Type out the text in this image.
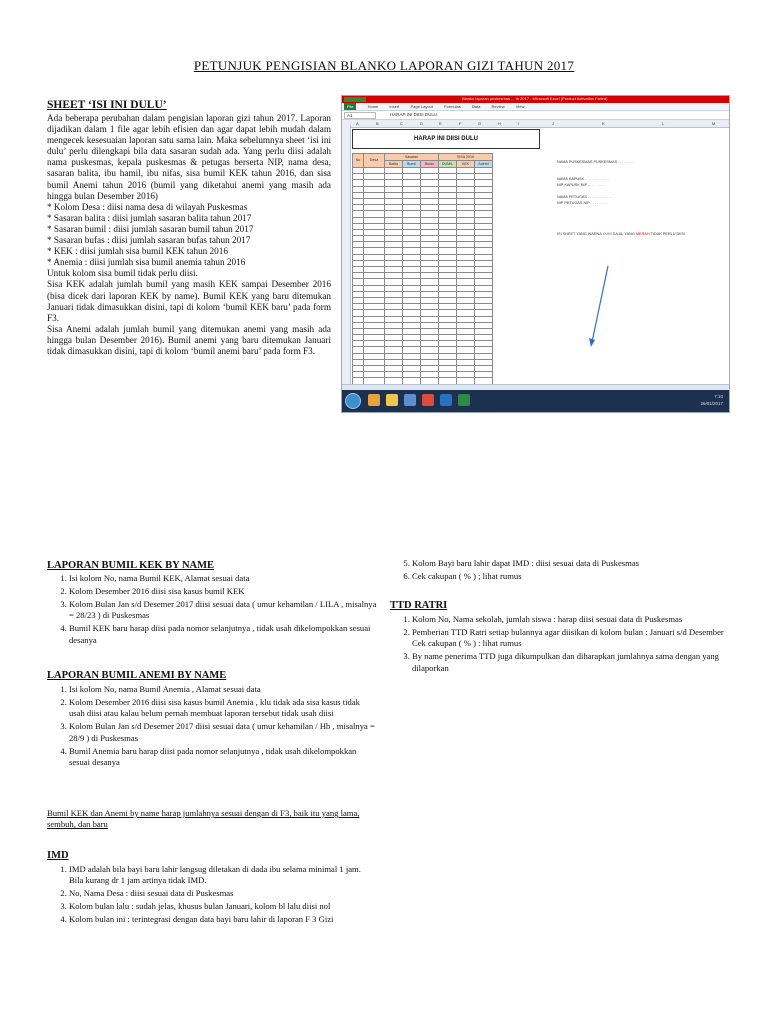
PETUNJUK PENGISIAN BLANKO LAPORAN GIZI TAHUN 2017
SHEET ‘ISI INI DULU’

Ada beberapa perubahan dalam pengisian laporan gizi tahun 2017. Laporan dijadikan dalam 1 file agar lebih efisien dan agar dapat lebih mudah dalam mengecek kesesuaian laporan satu sama lain. Maka sebelumnya sheet ‘isi ini dulu’ perlu dilengkapi bila data sasaran sudah ada. Yang perlu diisi adalah nama puskesmas, kepala puskesmas & petugas berserta NIP, nama desa, sasaran balita, ibu hamil, ibu nifas, sisa bumil KEK tahun 2016, dan sisa bumil Anemi tahun 2016 (bumil yang diketahui anemi yang masih ada hingga bulan Desember 2016)

* Kolom Desa : diisi nama desa di wilayah Puskesmas

* Sasaran balita : diisi jumlah sasaran balita tahun 2017

* Sasaran bumil : diisi jumlah sasaran bumil tahun 2017

* Sasaran bufas : diisi jumlah sasaran bufas tahun 2017

* KEK : diisi jumlah sisa bumil KEK tahun 2016

* Anemia : diisi jumlah sisa bumil anemia tahun 2016

Untuk kolom sisa bumil tidak perlu diisi.

Sisa KEK adalah jumlah bumil yang masih KEK sampai Desember 2016 (bisa dicek dari laporan KEK by name). Bumil KEK yang baru ditemukan Januari tidak dimasukkan disini, tapi di kolom ‘bumil KEK baru’ pada form F3.

Sisa Anemi adalah jumlah bumil yang ditemukan anemi yang masih ada hingga bulan Desember 2016). Bumil anemi yang baru ditemukan Januari tidak dimasukkan disini, tapi di kolom ‘bumil anemi baru’ pada form F3.

Blanko laporan puskesmas ... th 2017 - Microsoft Excel (Product Activation Failed)
File	Home	Insert	Page Layout	Formulas	Data	Review	View
A1	HARAP INI DIISI DULU
A	B	C	D	E	F	G	H	I	J	K	L	M
HARAP INI DIISI DULU
No	Desa	Sasaran			SISA 2016		
		Balita	Bumil	Bufas	DUMIL	KEK	Anemi

								NAMA PUSKESMAS PUSKESMAS . . . . . . . .
NAMA KAPUSK . . . . . . . . . . . .
NIP KAPUSK NIP . . . . . . . .
NAMA PETUGAS . . . . . . . . . . . .
NIP PETUGAS NIP . . . . . . . .
ISI SHEET YANG WARNA KUNI SAJA, YANG MERAH TIDAK PERLU DIISI

7:10
26/01/2017
LAPORAN BUMIL KEK BY NAME
1. Isi kolom No, nama Bumil KEK, Alamat sesuai data
2. Kolom Desember 2016 diisi sisa kasus bumil KEK
3. Kolom Bulan Jan s/d Desemer 2017 diisi sesuai data ( umur kehamilan / LILA , misalnya = 28/23 ) di Puskesmas
4. Bumil KEK baru harap diisi pada nomor selanjutnya , tidak usah dikelompokkan sesuai desanya
LAPORAN BUMIL ANEMI BY NAME
1. Isi kolom No, nama Bumil Anemia , Alamat sesuai data
2. Kolom Desember 2016 diisi sisa kasus bumil Anemia , klu tidak ada sisa kasus tidak usah diisi atau kalau belum pernah membuat laporan tersebut tidak usah diisi
3. Kolom Bulan Jan s/d Desemer 2017 diisi sesuai data ( umur kehamilan / Hb , misalnya = 28/9 ) di Puskesmas
4. Bumil Anemia baru harap diisi pada nomor selanjutnya , tidak usah dikelompokkan sesuai desanya
Bumil KEK dan Anemi by name harap jumlahnya sesuai dengan di F3, baik itu yang lama, sembuh, dan baru
IMD
1. IMD adalah bila bayi baru lahir langsug diletakan di dada ibu selama minimal 1 jam. Bila kurang dr 1 jam artinya tidak IMD.
2. No, Nama Desa : diisi sesuai data di Puskesmas
3. Kolom bulan lalu : sudah jelas, khusus bulan Januari, kolom bl lalu diisi nol
4. Kolom bulan ini : terintegrasi dengan data bayi baru lahir di laporan F 3 Gizi
5. Kolom Bayi baru lahir dapat IMD : diisi sesuai data di Puskesmas
6. Cek cakupan ( % ) ; lihat rumus
TTD RATRI
1. Kolom No, Nama sekolah, jumlah siswa : harap diisi sesuai data di Puskesmas
2. Pemberian TTD Ratri setiap bulannya agar diisikan di kolom bulan : Januari s/d Desember
Cek cakupan ( % ) : lihat rumus
3. By name penerima TTD juga dikumpulkan dan diharapkan jumlahnya sama dengan yang dilaporkan
